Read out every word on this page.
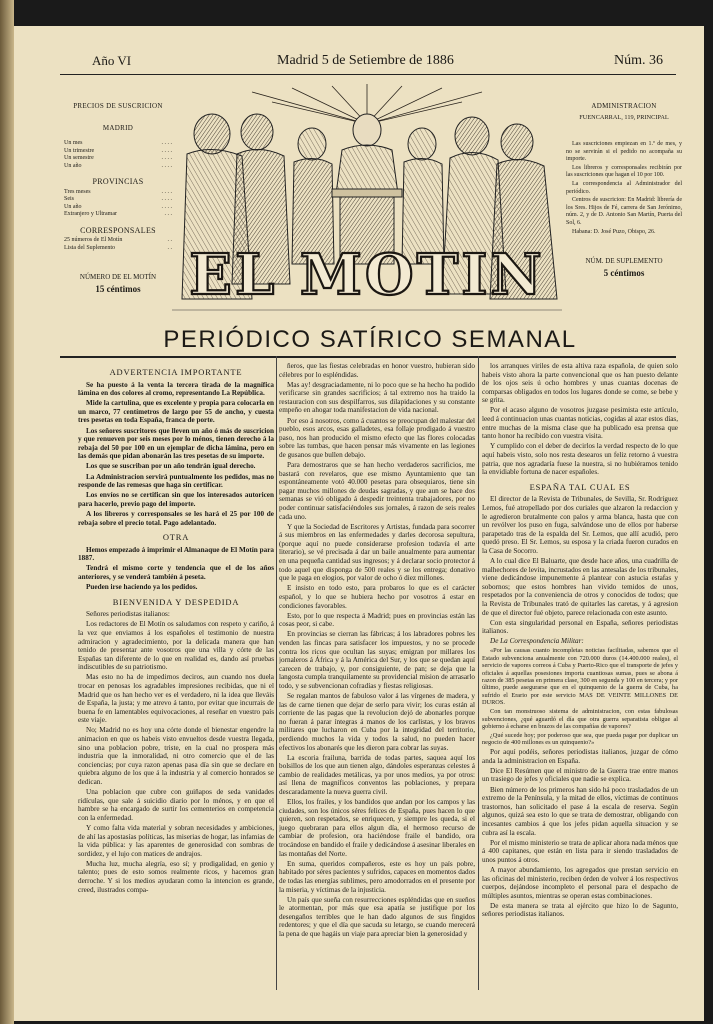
Año VI	Madrid 5 de Setiembre de 1886	Núm. 36
PRECIOS DE SUSCRICION
MADRID
Un mes	. . . .
Un trimestre	. . . .
Un semestre	. . . .
Un año	. . . .
PROVINCIAS
Tres meses	. . . .
Seis	. . . .
Un año	. . . .
Extranjero y Ultramar	. . .
CORRESPONSALES
25 números de El Motín	. .
Lista del Suplemento	. .
NÚMERO DE EL MOTÍN
15 céntimos
ADMINISTRACION
FUENCARRAL, 119, PRINCIPAL
Las suscriciones empiezan en 1.º de mes, y no se servirán si el pedido no acompaña su importe.
Los libreros y corresponsales recibirán por las suscriciones que hagan el 10 por 100.
La correspondencia al Administrador del periódico.
Centros de suscricion: En Madrid: librería de los Sres. Hijos de Fé, carrera de San Jerónimo, núm. 2, y de D. Antonio San Martín, Puerta del Sol, 6.
Habana: D. José Puzo, Obispo, 26.
NÚM. DE SUPLEMENTO
5 céntimos
EL MOTIN
PERIÓDICO SATÍRICO SEMANAL

ADVERTENCIA IMPORTANTE

Se ha puesto á la venta la tercera tirada de la magnífica lámina en dos colores al cromo, representando La República.

Mide la cartulina, que es excelente y propia para colocarla en un marco, 77 centímetros de largo por 55 de ancho, y cuesta tres pesetas en toda España, franca de porte.

Los señores suscritores que lleven un año ó más de suscricion y que renueven por seis meses por lo ménos, tienen derecho á la rebaja del 50 por 100 en un ejemplar de dicha lámina, pero en las demás que pidan abonarán las tres pesetas de su importe.

Los que se suscriban por un año tendrán igual derecho.

La Administracion servirá puntualmente los pedidos, mas no responde de las remesas que haga sin certificar.

Los envíos no se certifican sin que los interesados autoricen para hacerlo, previo pago del importe.

A los libreros y corresponsales se les hará el 25 por 100 de rebaja sobre el precio total. Pago adelantado.

OTRA

Hemos empezado á imprimir el Almanaque de El Motín para 1887.

Tendrá el mismo corte y tendencia que el de los años anteriores, y se venderá también á peseta.

Pueden irse haciendo ya los pedidos.

BIENVENIDA Y DESPEDIDA

Señores periodistas italianos:

Los redactores de El Motín os saludamos con respeto y cariño, á la vez que enviamos á los españoles el testimonio de nuestra admiracion y agradecimiento, por la delicada manera que han tenido de presentar ante vosotros que una villa y córte de las Españas tan diferente de lo que en realidad es, dando así pruebas indiscutibles de su patriotismo.

Mas esto no ha de impedirnos deciros, aun cuando nos duela trocar en penosas los agradables impresiones recibidas, que ni el Madrid que os han hecho ver es el verdadero, ni la idea que lleváis de España, la justa; y me atrevo á tanto, por evitar que incurrais de buena fe en lamentables equivocaciones, al reseñar en vuestro país este viaje.

No; Madrid no es hoy una córte donde el bienestar engendre la animacion en que os habeis visto envueltos desde vuestra llegada, sino una poblacion pobre, triste, en la cual no prospera más industria que la inmoralidad, ni otro comercio que el de las conciencias; por cuya razon apenas pasa día sin que se declare en quiebra alguno de los que á la industria y al comercio honrados se dedican.

Una poblacion que cubre con guiñapos de seda vanidades ridículas, que sale á suicidio diario por lo ménos, y en que el hambre se ha encargado de surtir los cementerios en competencia con la enfermedad.

Y como falta vida material y sobran necesidades y ambiciones, de ahí las apostasías políticas, las miserias de hogar, las infamias de la vida pública: y las aparentes de generosidad con sombras de sordidez, y el lujo con matices de andrajos.

Mucha luz, mucha alegría, eso sí; y prodigalidad, en genio y talento; pues de esto somos realmente ricos, y hacemos gran derroche. Y si los medios ayudaran como la intencion es grande, creed, ilustrados compa-

ñeros, que las fiestas celebradas en honor vuestro, hubieran sido célebres por lo espléndidas.

Mas ay! desgraciadamente, ni lo poco que se ha hecho ha podido verificarse sin grandes sacrificios; á tal extremo nos ha traido la restauracion con sus despilfarros, sus dilapidaciones y su constante empeño en ahogar toda manifestacion de vida nacional.

Por eso á nosotros, como á cuantos se preocupan del malestar del pueblo, esos arcos, esas galladetes, esa follaje prodigado á vuestro paso, nos han producido el mismo efecto que las flores colocadas sobre las tumbas, que hacen pensar más vivamente en las legiones de gusanos que bullen debajo.

Para demostraros que se han hecho verdaderos sacrificios, me bastará con revelaros, que ese mismo Ayuntamiento que tan espontáneamente votó 40.000 pesetas para obsequiaros, tiene sin pagar muchos millones de deudas sagradas, y que aun se hace dos semanas se vió obligado á despedir treintenta trabajadores, por no poder continuar satisfaciéndoles sus jornales, á razon de seis reales cada uno.

Y que la Sociedad de Escritores y Artistas, fundada para socorrer á sus miembros en las enfermedades y darles decorosa sepultura, (porque aquí no puede considerarse profesion todavía el arte literario), se vé precisada á dar un baile anualmente para aumentar en una pequeña cantidad sus ingresos; y á declarar socio protector á todo aquel que disponga de 500 reales y se los entrega; donativo que le paga en elogios, por valor de ocho ó diez millones.

E insisto en todo esto, para probaros lo que es el carácter español, y lo que se hubiera hecho por vosotros á estar en condiciones favorables.

Esto, por lo que respecta á Madrid; pues en provincias están las cosas peor, si cabe.

En provincias se cierran las fábricas; á los labradores pobres les venden las fincas para satisfacer los impuestos, y no se procede contra los ricos que ocultan las suyas; emigran por millares los jornaleros á África y á la América del Sur, y los que se quedan aquí carecen de trabajo, y, por consiguiente, de pan; se deja que la langosta cumpla tranquilamente su providencial mision de arrasarlo todo, y se subvencionan cofradías y fiestas religiosas.

Se regalan mantos de fabuloso valor á las vírgenes de madera, y las de carne tienen que dejar de serlo para vivir; los curas están al corriente de las pagas que la revolucion dejó de abonarles porque no fueran á parar íntegras á manos de los carlistas, y los bravos militares que lucharon en Cuba por la integridad del territorio, perdiendo muchos la vida y todos la salud, no pueden hacer efectivos los abonarés que les dieron para cobrar las suyas.

La escoria frailuna, barrida de todas partes, saquea aquí los bolsillos de los que aun tienen algo, dándoles esperanzas celestes á cambio de realidades metálicas, ya por unos medios, ya por otros: así llena de magníficos conventos las poblaciones, y prepara descaradamente la nueva guerra civil.

Ellos, los frailes, y los bandidos que andan por los campos y las ciudades, son los únicos séres felices de España, pues hacen lo que quieren, son respetados, se enriquecen, y siempre les queda, si el juego quebraran para ellos algun día, el hermoso recurso de cambiar de profesion, ora haciéndose fraile el bandido, ora trocándose en bandido el fraile y dedicándose á asesinar liberales en las montañas del Norte.

En suma, queridos compañeros, este es hoy un país pobre, habitado por séres pacientes y sufridos, capaces en momentos dados de todas las energías sublimes, pero amodorrados en el presente por la miseria, y víctimas de la injusticia.

Un país que sueña con resurrecciones espléndidas que en sueños le atormentan, por más que esa apatía se justifique por los desengaños terribles que le han dado algunos de sus fingidos redentores; y que el día que sacuda su letargo, se cuando merecerá la pena de que hagáis un viaje para apreciar bien la generosidad y

los arranques viriles de esta altiva raza española, de quien solo habeis visto ahora la parte convencional que os han puesto delante de los ojos seis ú ocho hombres y unas cuantas docenas de comparsas obligados en todos los lugares donde se come, se bebe y se grita.

Por el acaso alguno de vosotros juzgase pesimista este artículo, leed á continuacion unas cuantas noticias, cogidas al azar estos días, entre muchas de la misma clase que ha publicado esa prensa que tanto honor ha recibido con vuestra visita.

Y cumplido con el deber de decirlos la verdad respecto de lo que aquí habeis visto, solo nos resta desearos un feliz retorno á vuestra patria, que nos agradaría fuese la nuestra, si no hubiéramos tenido la envidiable fortuna de nacer españoles.

ESPAÑA TAL CUAL ES

El director de la Revista de Tribunales, de Sevilla, Sr. Rodríguez Lemos, fué atropellado por dos curiales que alzaron la redaccion y le agredieron brutalmente con palos y arma blanca, hasta que con un revólver los puso en fuga, salvándose uno de ellos por haberse parapetado tras de la espalda del Sr. Lemos, que allí acudió, pero quedó preso. El Sr. Lemos, su esposa y la criada fueron curados en la Casa de Socorro.

A lo cual dice El Baluarte, que desde hace años, una cuadrilla de malhechores de levita, incrustados en las antesalas de los tribunales, viene dedicándose impunemente á plantear con astucia estafas y sobornos; que estos hombres han vivido temidos de unos, respetados por la conveniencia de otros y conocidos de todos; que la Revista de Tribunales trató de quitarles las caretas, y á agresion de que el director fué objeto, parece relacionada con este asunto.

Con esta singularidad personal en España, señores periodistas italianos.

De La Correspondencia Militar:

«Por las causas cuanto incompletas noticias facilitadas, sabemos que el Estado subvenciona anualmente con 720.000 duros (14.400.000 reales), el servicio de vapores correos á Cuba y Puerto-Rico que el transporte de jefes y oficiales á aquellas posesiones importa cuantiosas sumas, pues se abona á razon de 385 pesetas en primera clase, 300 en segunda y 100 en tercera; y por último, puede asegurarse que en el quinquenio de la guerra de Cuba, ha sufrido el Erario por este servicio MAS DE VEINTE MILLONES DE DUROS.

Con tan monstruoso sistema de administracion, con estas fabulosas subvenciones, ¿qué aguardó el día que otra guerra separatista obligue al gobierno á echarse en brazos de las compañías de vapores?

¿Qué sucede hoy; por poderoso que sea, que pueda pagar por duplicar un negocio de 400 millones es un quinquenio?»

Por aquí podéis, señores periodistas italianos, juzgar de cómo anda la administracion en España.

Dice El Resúmen que el ministro de la Guerra trae entre manos un trasiego de jefes y oficiales que nadie se explica.

Bien número de los primeros han sido há poco trasladados de un extremo de la Península, y la mitad de ellos, víctimas de contínuos trastornos, han solicitado el pase á la escala de reserva. Según algunos, quizá sea esto lo que se trata de demostrar, obligando con incesantes cambios á que los jefes pidan aquella situacion y se cubra así la escala.

Por el mismo ministerio se trata de aplicar ahora nada ménos que á 400 capitanes, que están en lista para ir siendo trasladados de unos puntos á otros.

A mayor abundamiento, los agregados que prestan servicio en las oficinas del ministerio, reciben órden de volver á los respectivos cuerpos, dejándose incompleto el personal para el despacho de múltiples asuntos, mientras se operan estas combinaciones.

De esta manera se trata al ejército que hizo lo de Sagunto, señores periodistas italianos.
